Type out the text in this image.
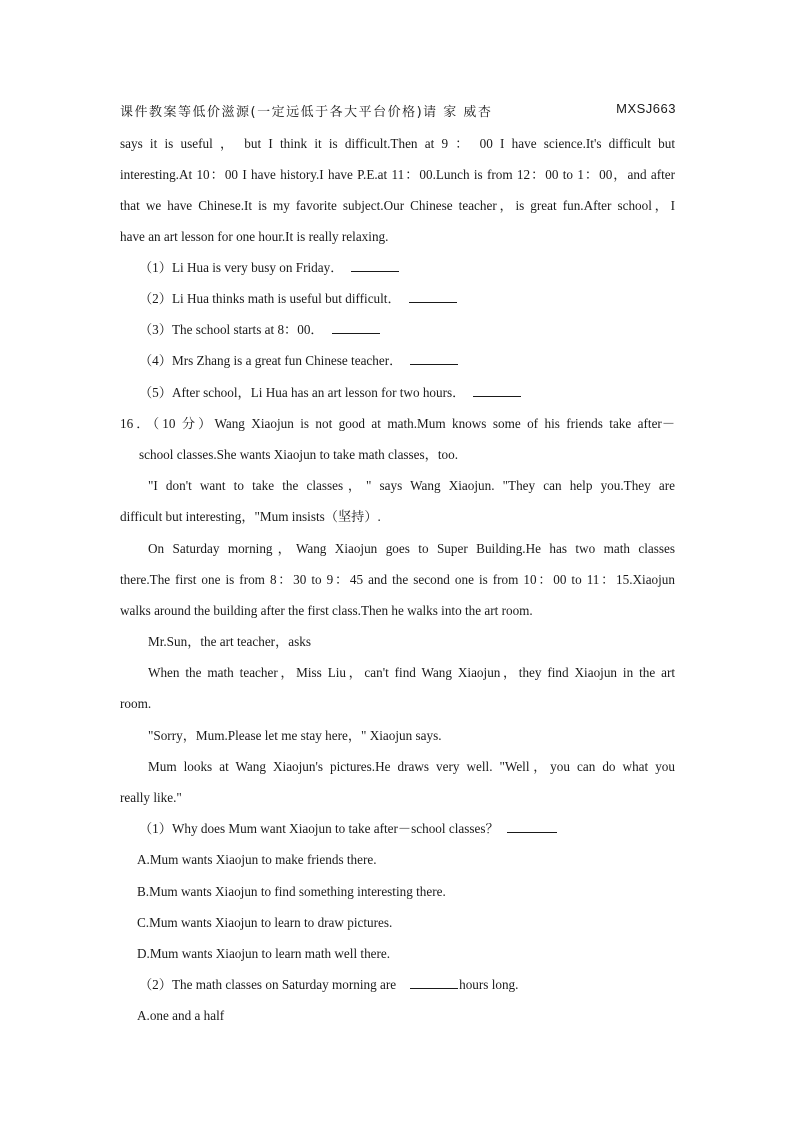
课件教案等低价滋源(一定远低于各大平台价格)请 家 威杏	MXSJ663
says it is useful ， but I think it is difficult.Then at 9 ： 00 I have science.It's difficult but
interesting.At 10：00 I have history.I have P.E.at 11：00.Lunch is from 12：00 to 1：00，and after
that we have Chinese.It is my favorite subject.Our Chinese teacher，is great fun.After school，I
have an art lesson for one hour.It is really relaxing.
（1）Li Hua is very busy on Friday．
（2）Li Hua thinks math is useful but difficult．
（3）The school starts at 8：00．
（4）Mrs Zhang is a great fun Chinese teacher．
（5）After school，Li Hua has an art lesson for two hours．
16．（10 分）Wang Xiaojun is not good at math.Mum knows some of his friends take after－
school classes.She wants Xiaojun to take math classes，too.
"I don't want to take the classes，" says Wang Xiaojun. "They can help you.They are
difficult but interesting，"Mum insists（坚持）.
On Saturday morning，Wang Xiaojun goes to Super Building.He has two math classes
there.The first one is from 8：30 to 9：45 and the second one is from 10：00 to 11：15.Xiaojun
walks around the building after the first class.Then he walks into the art room.
Mr.Sun，the art teacher，asks
When the math teacher，Miss Liu，can't find Wang Xiaojun，they find Xiaojun in the art
room.
"Sorry，Mum.Please let me stay here，" Xiaojun says.
Mum looks at Wang Xiaojun's pictures.He draws very well. "Well，you can do what you
really like."
（1）Why does Mum want Xiaojun to take after－school classes？
A.Mum wants Xiaojun to make friends there.
B.Mum wants Xiaojun to find something interesting there.
C.Mum wants Xiaojun to learn to draw pictures.
D.Mum wants Xiaojun to learn math well there.
（2）The math classes on Saturday morning are	hours long.
A.one and a half
